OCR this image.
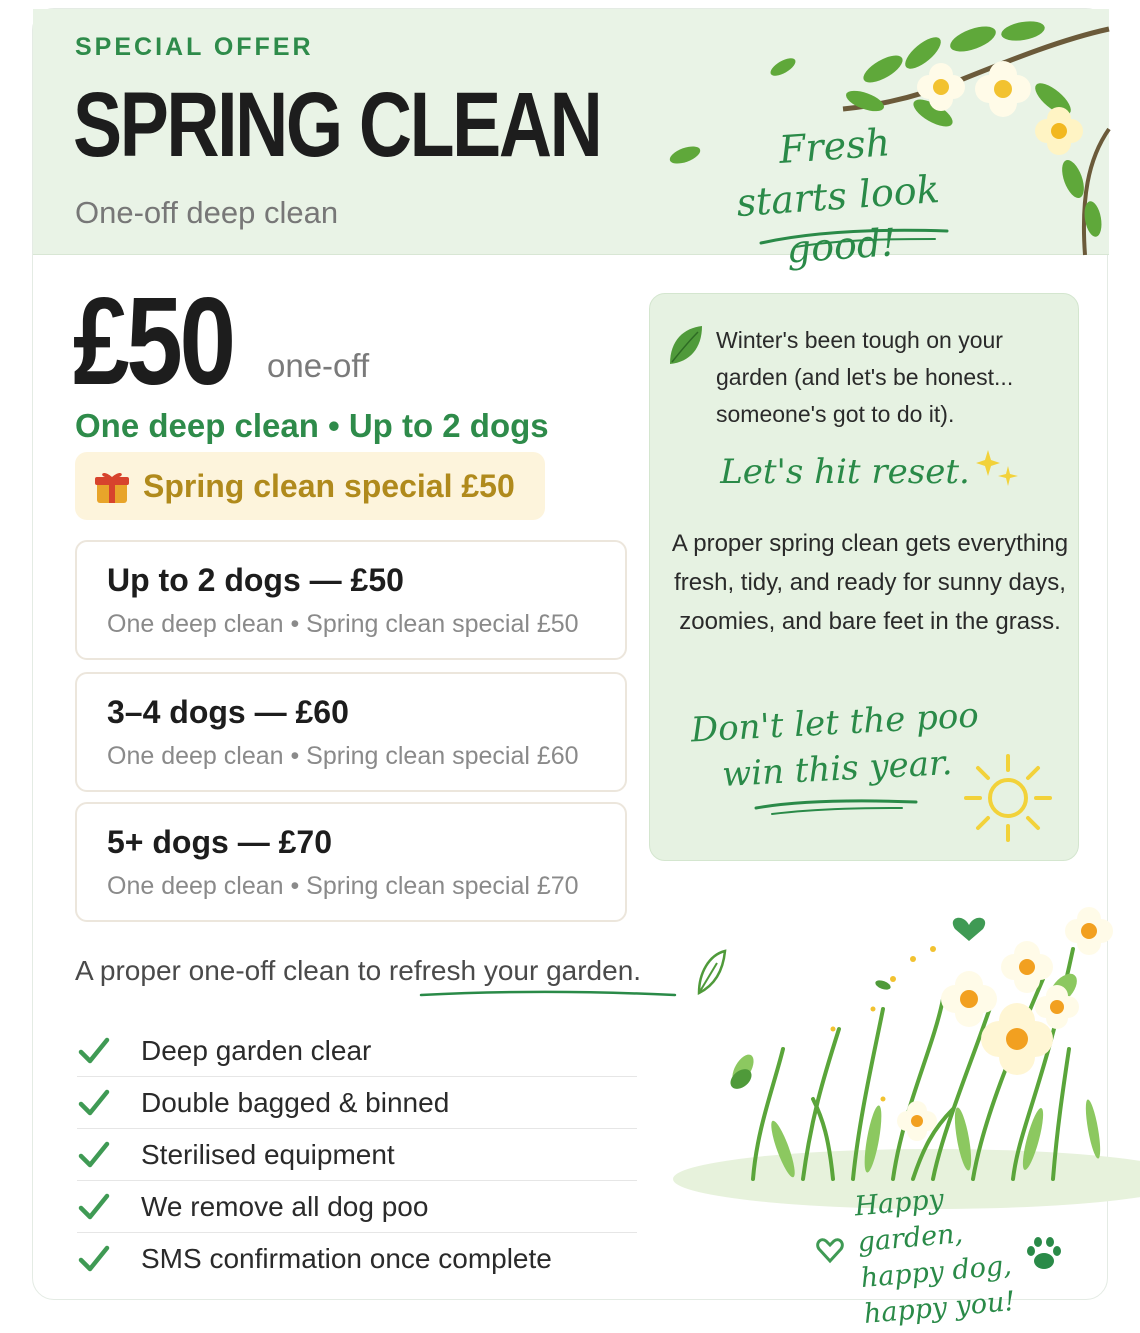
SPECIAL OFFER
SPRING CLEAN
One-off deep clean
Fresh starts look good!
£50 one-off
One deep clean • Up to 2 dogs
Spring clean special £50
Up to 2 dogs — £50
One deep clean • Spring clean special £50
3–4 dogs — £60
One deep clean • Spring clean special £60
5+ dogs — £70
One deep clean • Spring clean special £70
Winter's been tough on your garden (and let's be honest... someone's got to do it).
Let's hit reset.
A proper spring clean gets everything fresh, tidy, and ready for sunny days, zoomies, and bare feet in the grass.
Don't let the poo win this year.
A proper one-off clean to refresh your garden.
Deep garden clear
Double bagged & binned
Sterilised equipment
We remove all dog poo
SMS confirmation once complete
Happy garden, happy dog, happy you!
